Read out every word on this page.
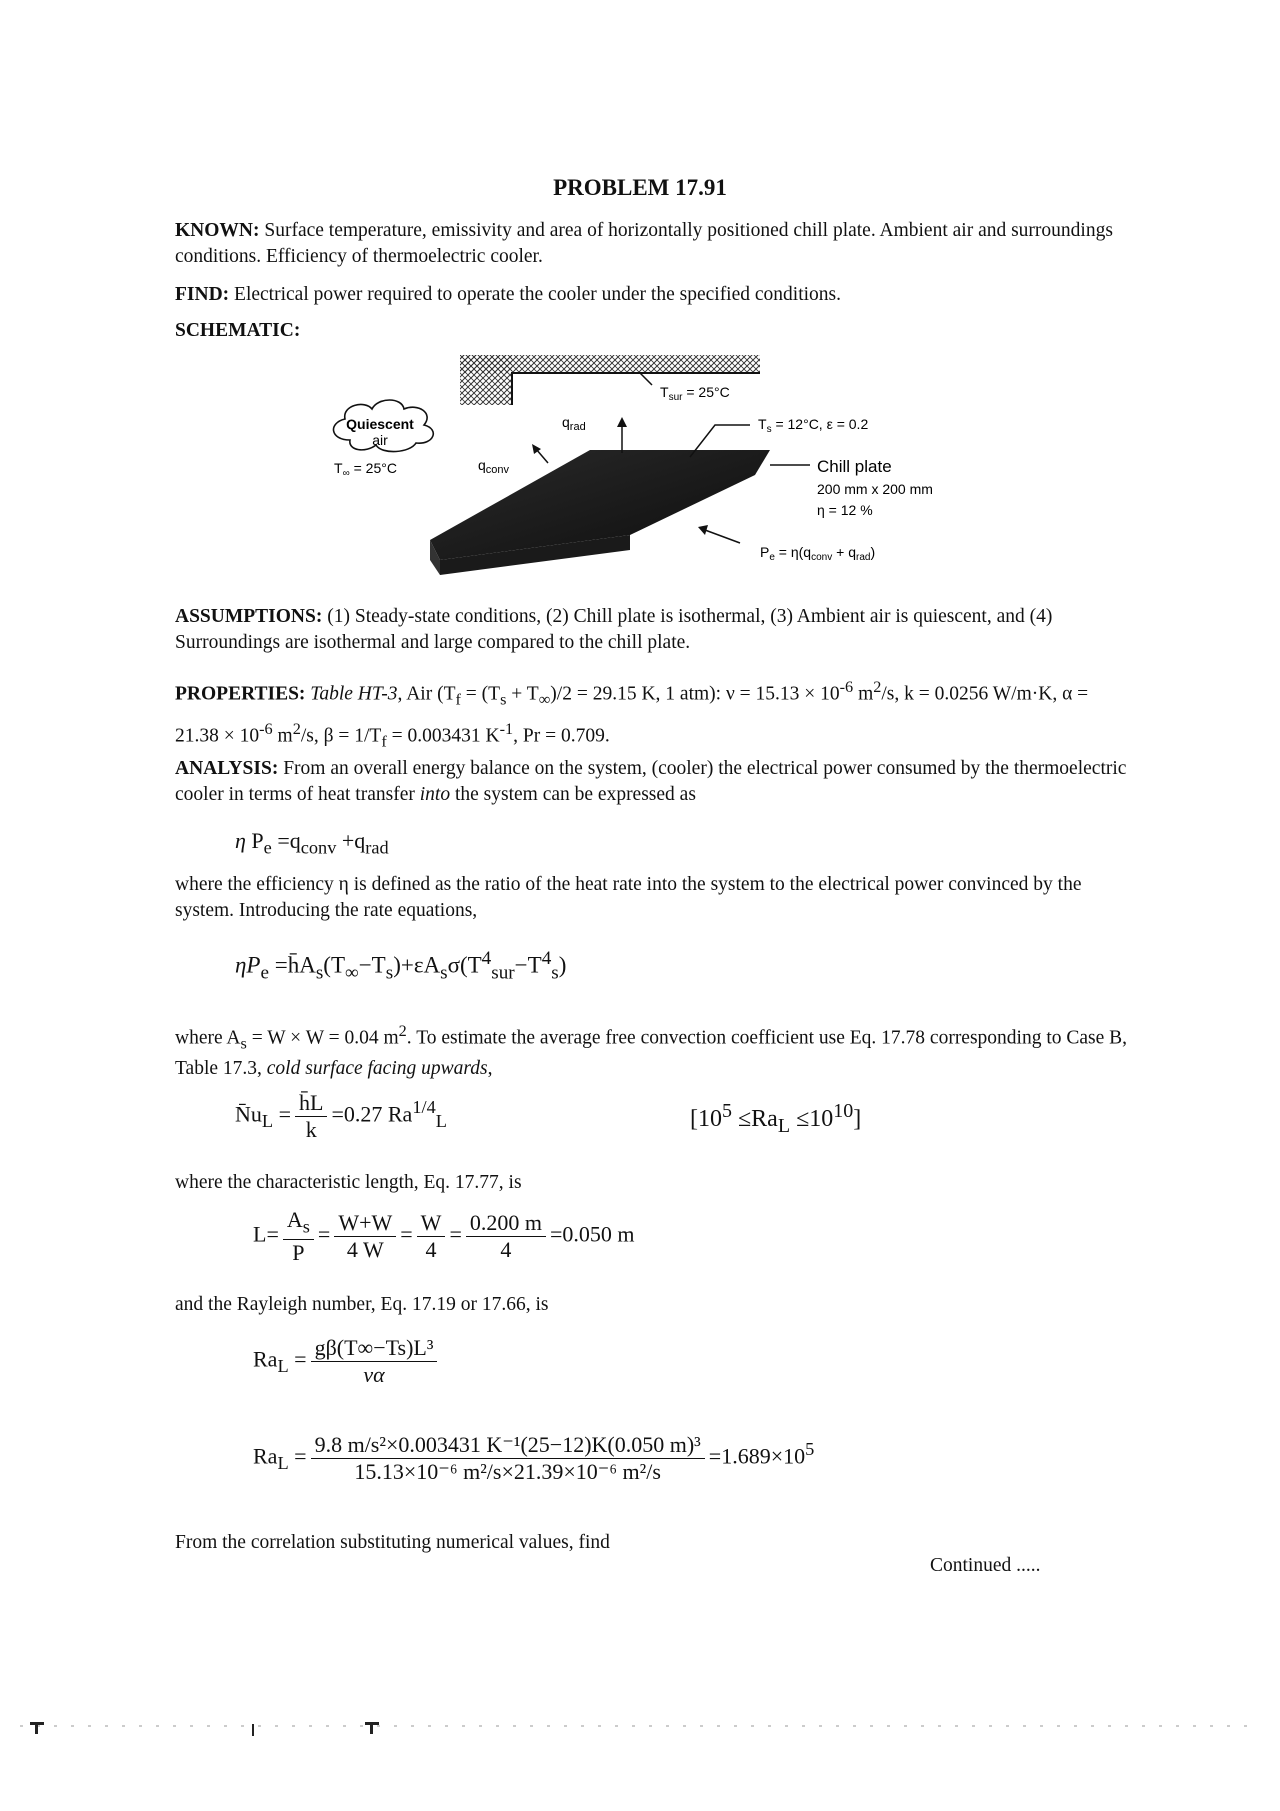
PROBLEM 17.91
KNOWN: Surface temperature, emissivity and area of horizontally positioned chill plate. Ambient air and surroundings conditions. Efficiency of thermoelectric cooler.
FIND: Electrical power required to operate the cooler under the specified conditions.
SCHEMATIC:
$T_{sur} = 25^\circ C$
Quiescent
air
$T_\infty = 25^\circ C$	$q_{conv}$
$q_{rad}$	$T_s = 12^\circ C$, ε = 0.2
Chill plate
200 mm x 200 mm
η = 12 %
$P_e = \eta(q_{conv} + q_{rad})$
ASSUMPTIONS: (1) Steady-state conditions, (2) Chill plate is isothermal, (3) Ambient air is quiescent, and (4) Surroundings are isothermal and large compared to the chill plate.
PROPERTIES: Table HT-3, Air ($T_f = (T_s + T_\infty)/2 = 29.15$ K, 1 atm): $\nu = 15.13 \times 10^{-6}$ $m^2/s$, k = 0.0256 W/m·K, $\alpha = 21.38 \times 10^{-6}$ $m^2/s$, $\beta = 1/T_f = 0.003431$ $K^{-1}$, Pr = 0.709.
ANALYSIS: From an overall energy balance on the system, (cooler) the electrical power consumed by the thermoelectric cooler in terms of heat transfer into the system can be expressed as
η $P_e =q_{conv} +q_{rad}$
where the efficiency η is defined as the ratio of the heat rate into the system to the electrical power convinced by the system. Introducing the rate equations,
$\eta P_e$ $=h̄A_s(T_\infty-T_s)+\varepsilon A_s\sigma(T^4_{sur}-T^4_s)$
where $A_s = W \times W = 0.04$ $m^2$. To estimate the average free convection coefficient use Eq. 17.78 corresponding to Case B, Table 17.3, cold surface facing upwards,
$N̄u_L = \frac{h̄L}{k} =0.27$ $Ra^{1/4}_L$	$[10^5 \le Ra_L \le 10^{10}]$
where the characteristic length, Eq. 17.77, is
$L= \frac{A_s}{P} = \frac{W+W}{4 W} = \frac{W}{4} = \frac{0.200 m}{4} =0.050$ m
and the Rayleigh number, Eq. 17.19 or 17.66, is
$Ra_L = \frac{\text{gβ(T∞−Ts)L³}}{\nu\alpha}$
$Ra_L = \frac{\text{9.8 m/s²×0.003431 K⁻¹(25−12)K(0.050 m)³}}{\text{15.13×10⁻⁶ m²/s×21.39×10⁻⁶ m²/s}} =1.689\times 10^5$
From the correlation substituting numerical values, find
Continued .....
